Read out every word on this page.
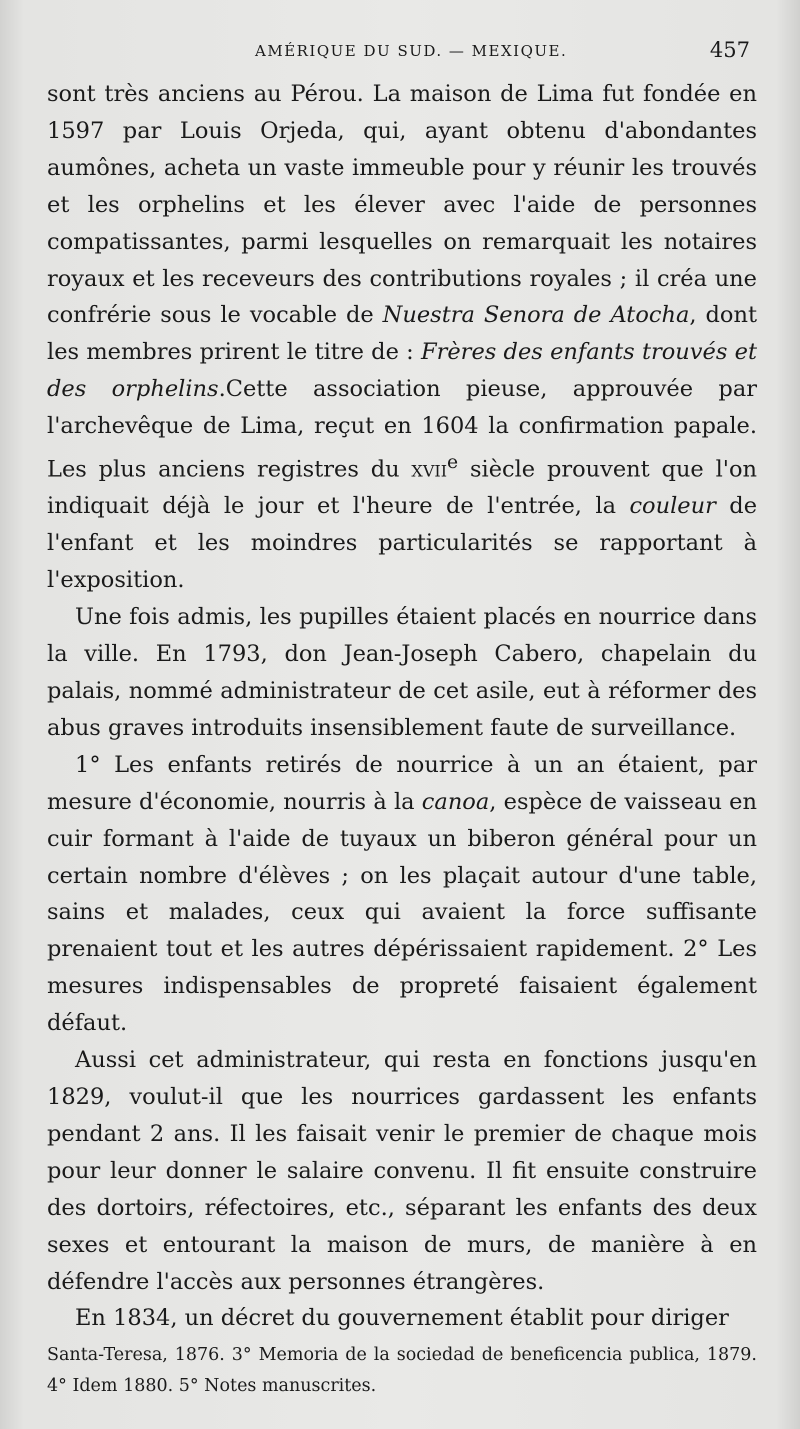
AMÉRIQUE DU SUD. — MEXIQUE.	457

sont très anciens au Pérou. La maison de Lima fut fondée en 1597 par Louis Orjeda, qui, ayant obtenu d'abondantes aumônes, acheta un vaste immeuble pour y réunir les trouvés et les orphelins et les élever avec l'aide de personnes compatissantes, parmi lesquelles on remarquait les notaires royaux et les receveurs des contributions royales ; il créa une confrérie sous le vocable de Nuestra Senora de Atocha, dont les membres prirent le titre de : Frères des enfants trouvés et des orphelins.Cette association pieuse, approuvée par l'archevêque de Lima, reçut en 1604 la confirmation papale. Les plus anciens registres du xvii$^e$ siècle prouvent que l'on indiquait déjà le jour et l'heure de l'entrée, la couleur de l'enfant et les moindres particularités se rapportant à l'exposition.

Une fois admis, les pupilles étaient placés en nourrice dans la ville. En 1793, don Jean-Joseph Cabero, chapelain du palais, nommé administrateur de cet asile, eut à réformer des abus graves introduits insensiblement faute de surveillance.

1° Les enfants retirés de nourrice à un an étaient, par mesure d'économie, nourris à la canoa, espèce de vaisseau en cuir formant à l'aide de tuyaux un biberon général pour un certain nombre d'élèves ; on les plaçait autour d'une table, sains et malades, ceux qui avaient la force suffisante prenaient tout et les autres dépérissaient rapidement. 2° Les mesures indispensables de propreté faisaient également défaut.

Aussi cet administrateur, qui resta en fonctions jusqu'en 1829, voulut-il que les nourrices gardassent les enfants pendant 2 ans. Il les faisait venir le premier de chaque mois pour leur donner le salaire convenu. Il fit ensuite construire des dortoirs, réfectoires, etc., séparant les enfants des deux sexes et entourant la maison de murs, de manière à en défendre l'accès aux personnes étrangères.

En 1834, un décret du gouvernement établit pour diriger

Santa-Teresa, 1876. 3° Memoria de la sociedad de beneficencia publica, 1879. 4° Idem 1880. 5° Notes manuscrites.
